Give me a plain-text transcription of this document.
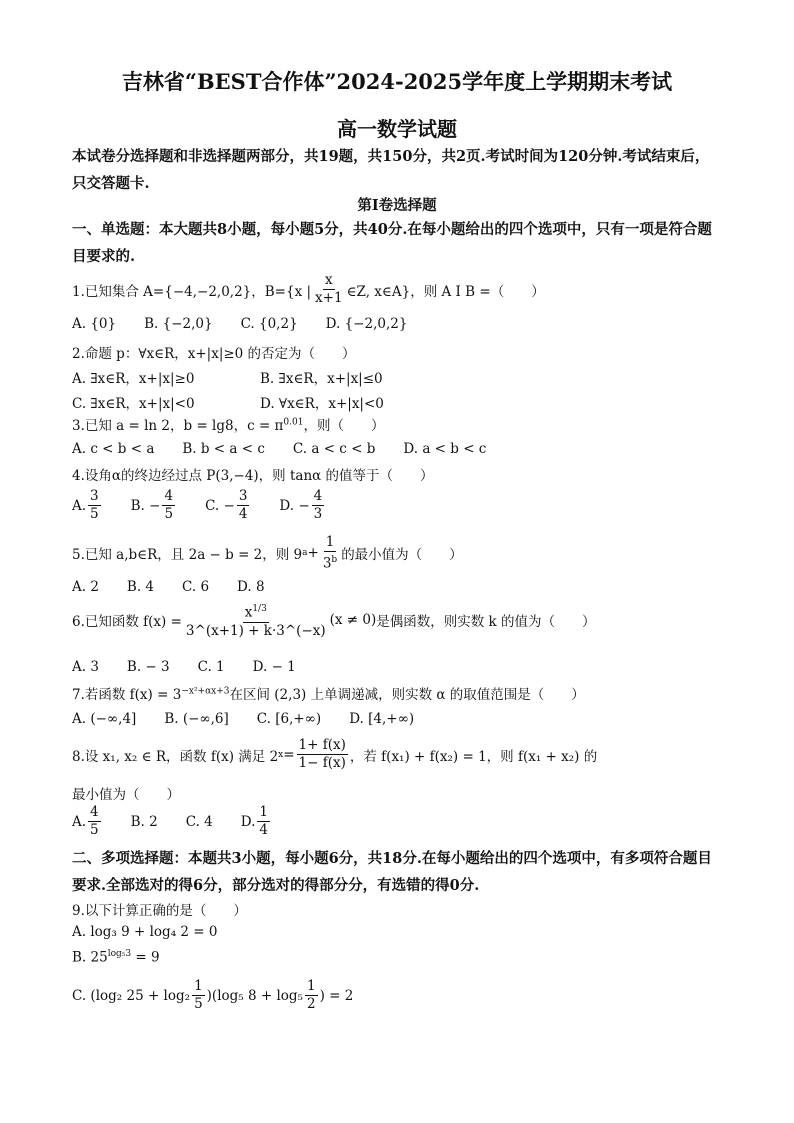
吉林省“BEST合作体”2024-2025学年度上学期期末考试
高一数学试题
本试卷分选择题和非选择题两部分，共19题，共150分，共2页.考试时间为120分钟.考试结束后，只交答题卡.
第Ⅰ卷选择题
一、单选题：本大题共8小题，每小题5分，共40分.在每小题给出的四个选项中，只有一项是符合题目要求的.
1.已知集合 A={−4,−2,0,2}，B={x | $\frac{x}{x+1}$ ∈Z, x∈A}，则 A I B =（　　）
A. {0} B. {−2,0} C. {0,2} D. {−2,0,2}
2.命题 p：∀x∈R，x+|x|≥0 的否定为（　　）
A. ∃x∈R，x+|x|≥0	B. ∃x∈R，x+|x|≤0
C. ∃x∈R，x+|x|<0	D. ∀x∈R，x+|x|<0
3.已知 a = ln 2，b = lg8，$c = \pi^{0.01}$，则（　　）
A. c < b < a B. b < a < c C. a < c < b D. a < b < c
4.设角α的终边经过点 P(3,−4)，则 tanα 的值等于（　　）
A. $\frac{3}{5} B$. − $\frac{4}{5} C$. − $\frac{3}{4} D$. − $\frac{4}{3}$
5.已知 a,b∈R，且 2a − b = 2，则 9 $a + \frac{1}{3^b}$ 的最小值为（　　）
A. 2 B. 4 C. 6 D. 8
6.已知函数 $f(x) = \frac{x^{1/3}}{3\^{}(x+1) + k\cdot 3\^{}(-x)} (x \ne 0)$ 是偶函数，则实数 k 的值为（　　）
A. 3 B. − 3 C. 1 D. − 1
7.若函数 $f(x) = 3^{-x^2+\alpha x+3}$在区间 (2,3) 上单调递减，则实数 α 的取值范围是（　　）
A. (−∞,4] B. (−∞,6] C. [6,+∞) D. [4,+∞)
8.设 x₁, x₂ ∈ R，函数 f(x) 满足 2 $x = \frac{1+ f(x)}{1- f(x)}$ ，若 f(x₁) + f(x₂) = 1，则 f(x₁ + x₂) 的
最小值为（　　）
A. $\frac{4}{5} B$. 2 C. 4 D. $\frac{1}{4}$
二、多项选择题：本题共3小题，每小题6分，共18分.在每小题给出的四个选项中，有多项符合题目要求.全部选对的得6分，部分选对的得部分分，有选错的得0分.
9.以下计算正确的是（　　）
A. log₃ 9 + log₄ 2 = 0
B. $25^{log_53} = 9$
C. (log₂ $25 + \log_2 \frac{1}{5} )(\log_5$ $8 + \log_5 \frac{1}{2}$ ) = 2
